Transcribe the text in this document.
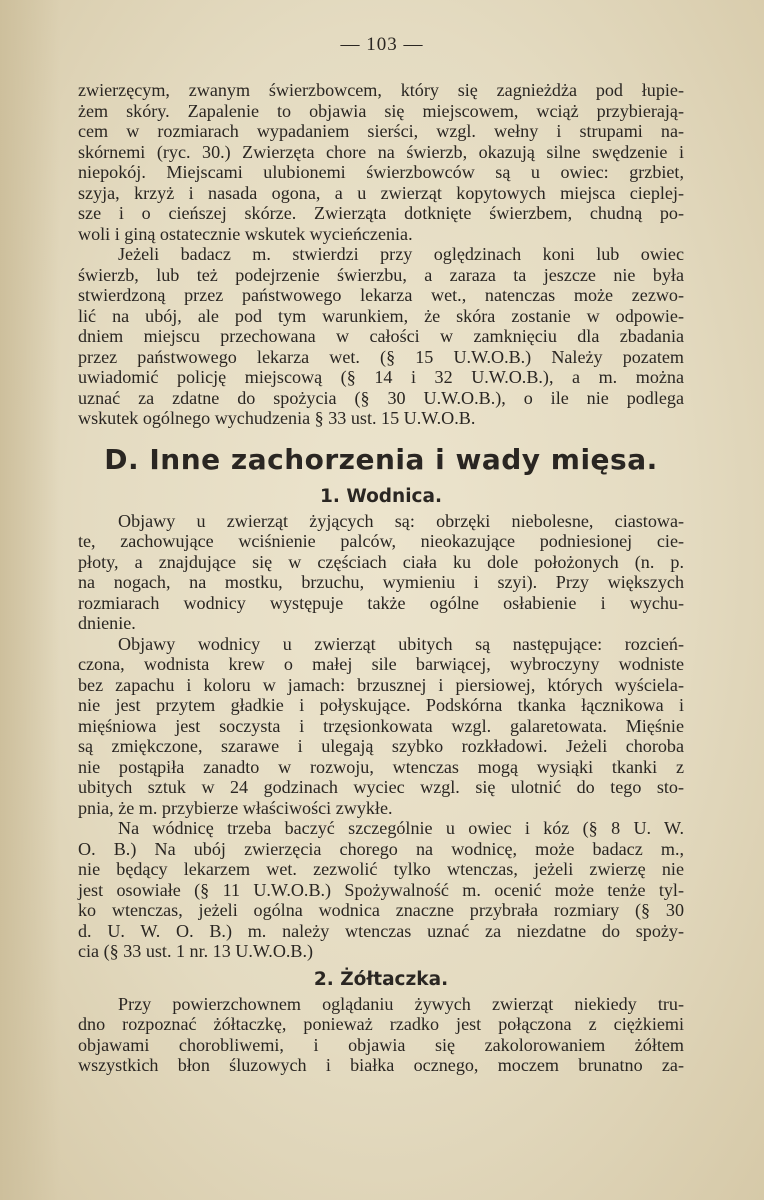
— 103 —
zwierzęcym, zwanym świerzbowcem, który się zagnieżdża pod łupie-
żem skóry. Zapalenie to objawia się miejscowem, wciąż przybierają-
cem w rozmiarach wypadaniem sierści, wzgl. wełny i strupami na-
skórnemi (ryc. 30.) Zwierzęta chore na świerzb, okazują silne swędzenie i
niepokój. Miejscami ulubionemi świerzbowców są u owiec: grzbiet,
szyja, krzyż i nasada ogona, a u zwierząt kopytowych miejsca cieplej-
sze i o cieńszej skórze. Zwierząta dotknięte świerzbem, chudną po-
woli i giną ostatecznie wskutek wycieńczenia.
Jeżeli badacz m. stwierdzi przy oględzinach koni lub owiec
świerzb, lub też podejrzenie świerzbu, a zaraza ta jeszcze nie była
stwierdzoną przez państwowego lekarza wet., natenczas może zezwo-
lić na ubój, ale pod tym warunkiem, że skóra zostanie w odpowie-
dniem miejscu przechowana w całości w zamknięciu dla zbadania
przez państwowego lekarza wet. (§ 15 U.W.O.B.) Należy pozatem
uwiadomić policję miejscową (§ 14 i 32 U.W.O.B.), a m. można
uznać za zdatne do spożycia (§ 30 U.W.O.B.), o ile nie podlega
wskutek ogólnego wychudzenia § 33 ust. 15 U.W.O.B.
D. Inne zachorzenia i wady mięsa.
1. Wodnica.
Objawy u zwierząt żyjących są: obrzęki niebolesne, ciastowa-
te, zachowujące wciśnienie palców, nieokazujące podniesionej cie-
płoty, a znajdujące się w częściach ciała ku dole położonych (n. p.
na nogach, na mostku, brzuchu, wymieniu i szyi). Przy większych
rozmiarach wodnicy występuje także ogólne osłabienie i wychu-
dnienie.
Objawy wodnicy u zwierząt ubitych są następujące: rozcień-
czona, wodnista krew o małej sile barwiącej, wybroczyny wodniste
bez zapachu i koloru w jamach: brzusznej i piersiowej, których wyściela-
nie jest przytem gładkie i połyskujące. Podskórna tkanka łącznikowa i
mięśniowa jest soczysta i trzęsionkowata wzgl. galaretowata. Mięśnie
są zmiękczone, szarawe i ulegają szybko rozkładowi. Jeżeli choroba
nie postąpiła zanadto w rozwoju, wtenczas mogą wysiąki tkanki z
ubitych sztuk w 24 godzinach wyciec wzgl. się ulotnić do tego sto-
pnia, że m. przybierze właściwości zwykłe.
Na wódnicę trzeba baczyć szczególnie u owiec i kóz (§ 8 U. W.
O. B.) Na ubój zwierzęcia chorego na wodnicę, może badacz m.,
nie będący lekarzem wet. zezwolić tylko wtenczas, jeżeli zwierzę nie
jest osowiałe (§ 11 U.W.O.B.) Spożywalność m. ocenić może tenże tyl-
ko wtenczas, jeżeli ogólna wodnica znaczne przybrała rozmiary (§ 30
d. U. W. O. B.) m. należy wtenczas uznać za niezdatne do spoży-
cia (§ 33 ust. 1 nr. 13 U.W.O.B.)
2. Żółtaczka.
Przy powierzchownem oglądaniu żywych zwierząt niekiedy tru-
dno rozpoznać żółtaczkę, ponieważ rzadko jest połączona z ciężkiemi
objawami chorobliwemi, i objawia się zakolorowaniem żółtem
wszystkich błon śluzowych i białka ocznego, moczem brunatno za-
